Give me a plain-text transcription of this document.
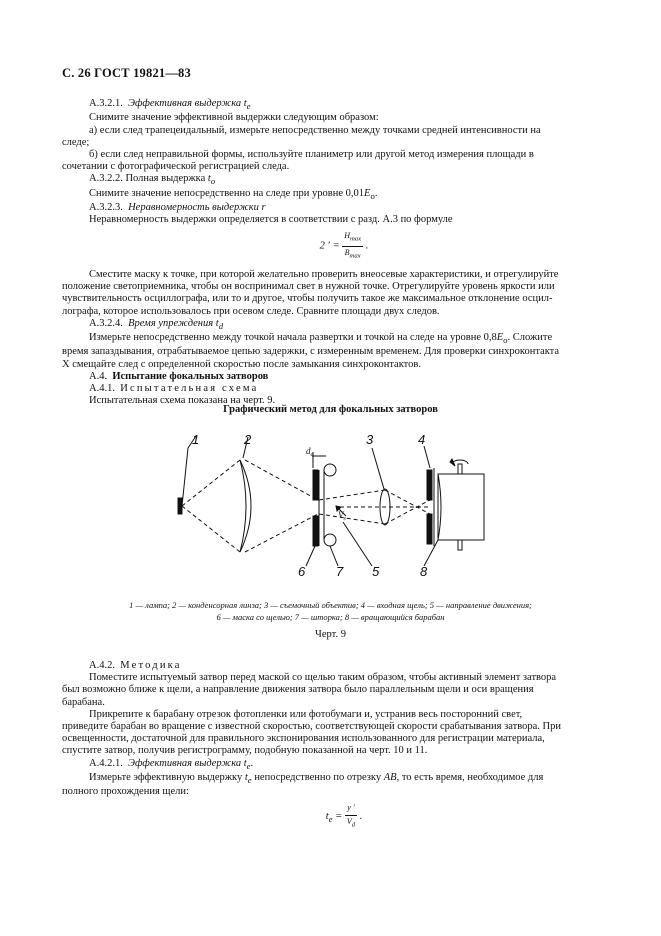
С. 26 ГОСТ 19821—83

А.3.2.1. Эффективная выдержка $t_e$

Снимите значение эффективной выдержки следующим образом:

а) если след трапецеидальный, измерьте непосредственно между точками средней интенсивности на

следе;

б) если след неправильной формы, используйте планиметр или другой метод измерения площади в

сочетании с фотографической регистрацией следа.

А.3.2.2. Полная выдержка $t_o$

Снимите значение непосредственно на следе при уровне $0,01E_o$.

А.3.2.3. Неравномерность выдержки r

Неравномерность выдержки определяется в соответствии с разд. А.3 по формуле

2 ′ = $\frac{H_{max}}{B_{max}}$ .

Сместите маску к точке, при которой желательно проверить внеосевые характеристики, и отрегулируйте

положение светоприемника, чтобы он воспринимал свет в нужной точке. Отрегулируйте уровень яркости или

чувствительность осциллографа, или то и другое, чтобы получить такое же максимальное отклонение осцил-

лографа, которое использовалось при осевом следе. Сравните площади двух следов.

А.3.2.4. Время упреждения $t_d$

Измерьте непосредственно между точкой начала развертки и точкой на следе на уровне $0,8E_o$. Сложите

время запаздывания, отрабатываемое цепью задержки, с измеренным временем. Для проверки синхроконтакта

Х смещайте след с определенной скоростью после замыкания синхроконтактов.

А.4. Испытание фокальных затворов

А.4.1. Испытательная схема

Испытательная схема показана на черт. 9.

Графический метод для фокальных затворов
1	2	3	4
5
6 7	8
$d_e$
$V_s$
1 — лампа; 2 — конденсорная линза; 3 — съемочный объектив; 4 — входная щель; 5 — направление движения;
6 — маска со щелью; 7 — шторка; 8 — вращающийся барабан
Черт. 9

А.4.2. Методика

Поместите испытуемый затвор перед маской со щелью таким образом, чтобы активный элемент затвора

был возможно ближе к щели, а направление движения затвора было параллельным щели и оси вращения

барабана.

Прикрепите к барабану отрезок фотопленки или фотобумаги и, устранив весь посторонний свет,

приведите барабан во вращение с известной скоростью, соответствующей скорости срабатывания затвора. При

освещенности, достаточной для правильного экспонирования использованного для регистрации материала,

спустите затвор, получив регистрограмму, подобную показанной на черт. 10 и 11.

А.4.2.1. Эффективная выдержка $t_e$.

Измерьте эффективную выдержку $t_e$ непосредственно по отрезку AB, то есть время, необходимое для

полного прохождения щели:

$t_e = \frac{y '}{V_d}$ .
